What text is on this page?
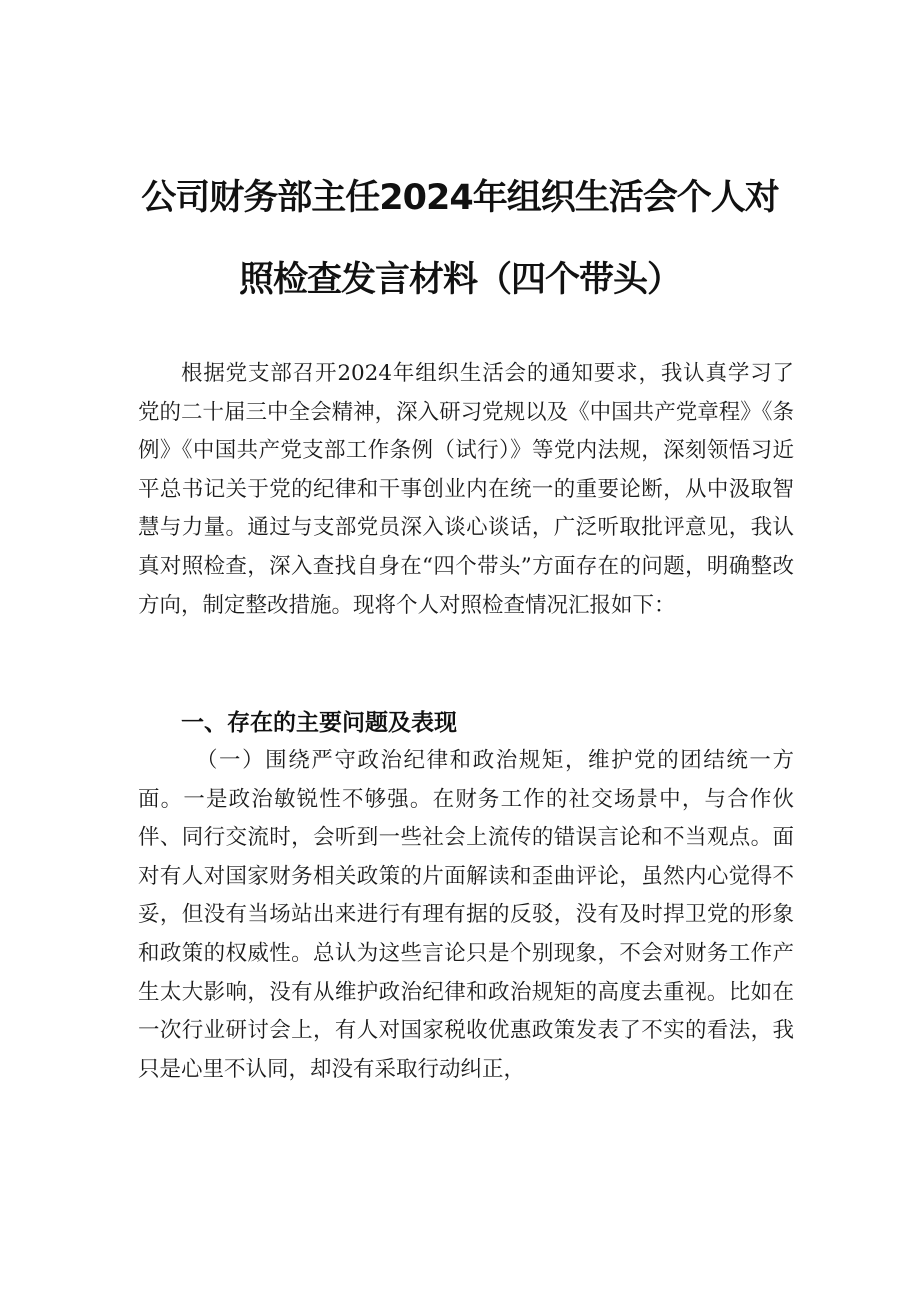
公司财务部主任2024年组织生活会个人对
照检查发言材料（四个带头）

根据党支部召开2024年组织生活会的通知要求，我认真学习了党的二十届三中全会精神，深入研习党规以及《中国共产党章程》《条例》《中国共产党支部工作条例（试行）》等党内法规，深刻领悟习近平总书记关于党的纪律和干事创业内在统一的重要论断，从中汲取智慧与力量。通过与支部党员深入谈心谈话，广泛听取批评意见，我认真对照检查，深入查找自身在“四个带头”方面存在的问题，明确整改方向，制定整改措施。现将个人对照检查情况汇报如下：

一、存在的主要问题及表现

（一）围绕严守政治纪律和政治规矩，维护党的团结统一方面。一是政治敏锐性不够强。在财务工作的社交场景中，与合作伙伴、同行交流时，会听到一些社会上流传的错误言论和不当观点。面对有人对国家财务相关政策的片面解读和歪曲评论，虽然内心觉得不妥，但没有当场站出来进行有理有据的反驳，没有及时捍卫党的形象和政策的权威性。总认为这些言论只是个别现象，不会对财务工作产生太大影响，没有从维护政治纪律和政治规矩的高度去重视。比如在一次行业研讨会上，有人对国家税收优惠政策发表了不实的看法，我只是心里不认同，却没有采取行动纠正，
